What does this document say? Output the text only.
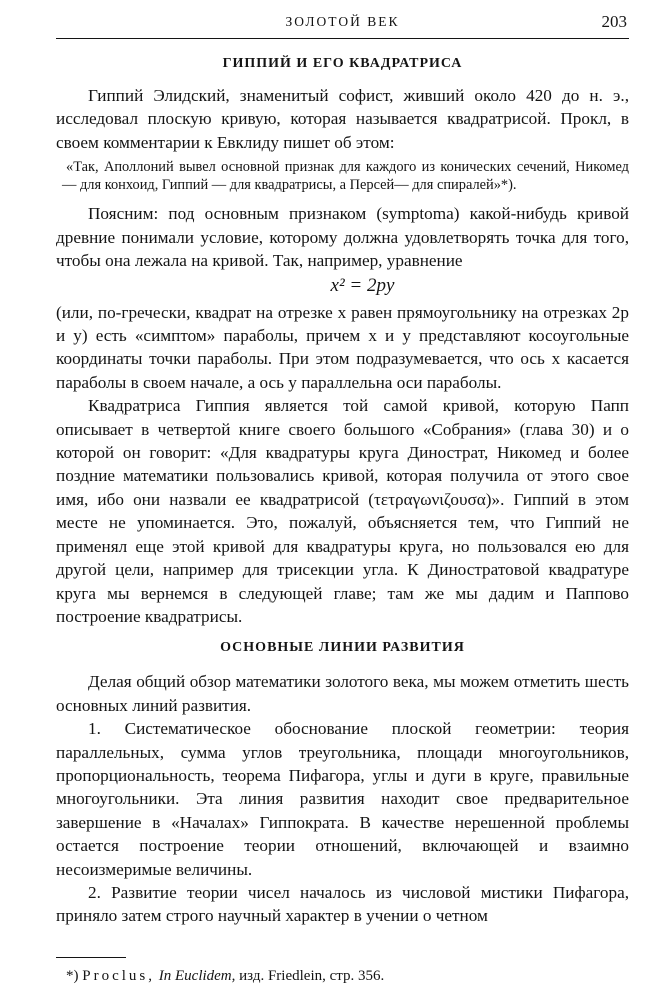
ЗОЛОТОЙ ВЕК	203
ГИППИЙ И ЕГО КВАДРАТРИСА

Гиппий Элидский, знаменитый софист, живший около 420 до н. э., исследовал плоскую кривую, которая называется квадратрисой. Прокл, в своем комментарии к Евклиду пишет об этом:

«Так, Аполлоний вывел основной признак для каждого из конических сечений, Никомед — для конхоид, Гиппий — для квадратрисы, а Персей— для спиралей»*).

Поясним: под основным признаком (symptoma) какой-нибудь кривой древние понимали условие, которому должна удовлетворять точка для того, чтобы она лежала на кривой. Так, например, уравнение

x² = 2py

(или, по-гречески, квадрат на отрезке x равен прямоугольнику на отрезках 2p и y) есть «симптом» параболы, причем x и y представляют косоугольные координаты точки параболы. При этом подразумевается, что ось x касается параболы в своем начале, а ось y параллельна оси параболы.

Квадратриса Гиппия является той самой кривой, которую Папп описывает в четвертой книге своего большого «Собрания» (глава 30) и о которой он говорит: «Для квадратуры круга Динострат, Никомед и более поздние математики пользовались кривой, которая получила от этого свое имя, ибо они назвали ее квадратрисой (τετραγωνιζουσα)». Гиппий в этом месте не упоминается. Это, пожалуй, объясняется тем, что Гиппий не применял еще этой кривой для квадратуры круга, но пользовался ею для другой цели, например для трисекции угла. К Диностратовой квадратуре круга мы вернемся в следующей главе; там же мы дадим и Паппово построение квадратрисы.

ОСНОВНЫЕ ЛИНИИ РАЗВИТИЯ

Делая общий обзор математики золотого века, мы можем отметить шесть основных линий развития.

1. Систематическое обоснование плоской геометрии: теория параллельных, сумма углов треугольника, площади многоугольников, пропорциональность, теорема Пифагора, углы и дуги в круге, правильные многоугольники. Эта линия развития находит свое предварительное завершение в «Началах» Гиппократа. В качестве нерешенной проблемы остается построение теории отношений, включающей и взаимно несоизмеримые величины.

2. Развитие теории чисел началось из числовой мистики Пифагора, приняло затем строго научный характер в учении о четном

*) Proclus, In Euclidem, изд. Friedlein, стр. 356.
